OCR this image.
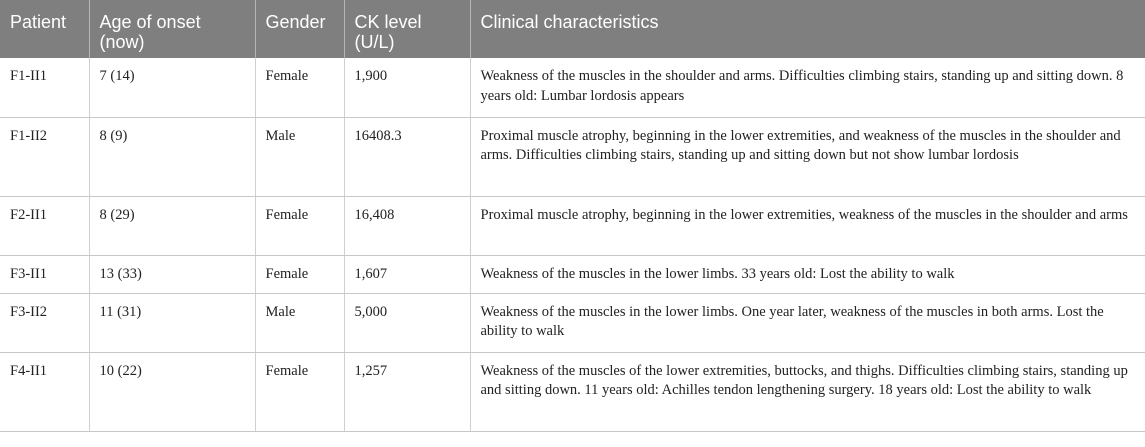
Patient	Age of onset (now)	Gender	CK level (U/L)	Clinical characteristics
F1-II1	7 (14)	Female	1,900	Weakness of the muscles in the shoulder and arms. Difficulties climbing stairs, standing up and sitting down. 8 years old: Lumbar lordosis appears
F1-II2	8 (9)	Male	16408.3	Proximal muscle atrophy, beginning in the lower extremities, and weakness of the muscles in the shoulder and arms. Difficulties climbing stairs, standing up and sitting down but not show lumbar lordosis
F2-II1	8 (29)	Female	16,408	Proximal muscle atrophy, beginning in the lower extremities, weakness of the muscles in the shoulder and arms
F3-II1	13 (33)	Female	1,607	Weakness of the muscles in the lower limbs. 33 years old: Lost the ability to walk
F3-II2	11 (31)	Male	5,000	Weakness of the muscles in the lower limbs. One year later, weakness of the muscles in both arms. Lost the ability to walk
F4-II1	10 (22)	Female	1,257	Weakness of the muscles of the lower extremities, buttocks, and thighs. Difficulties climbing stairs, standing up and sitting down. 11 years old: Achilles tendon lengthening surgery. 18 years old: Lost the ability to walk
